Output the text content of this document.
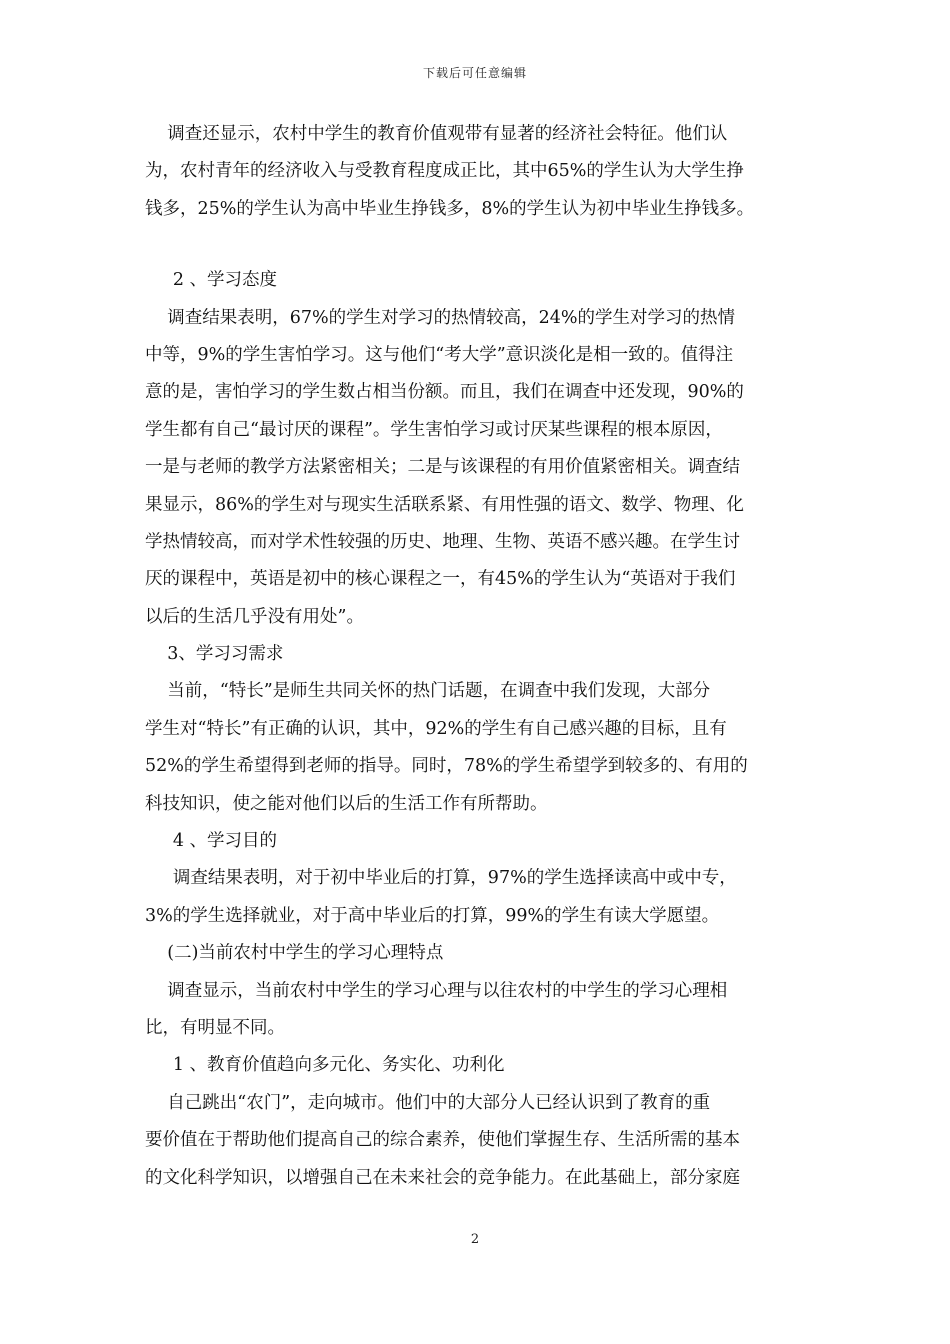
下载后可任意编辑
调查还显示，农村中学生的教育价值观带有显著的经济社会特征。他们认
为，农村青年的经济收入与受教育程度成正比，其中65%的学生认为大学生挣
钱多，25%的学生认为高中毕业生挣钱多，8%的学生认为初中毕业生挣钱多。
2 、学习态度
调查结果表明，67%的学生对学习的热情较高，24%的学生对学习的热情
中等，9%的学生害怕学习。这与他们“考大学”意识淡化是相一致的。值得注
意的是，害怕学习的学生数占相当份额。而且，我们在调查中还发现，90%的
学生都有自己“最讨厌的课程”。学生害怕学习或讨厌某些课程的根本原因，
一是与老师的教学方法紧密相关；二是与该课程的有用价值紧密相关。调查结
果显示，86%的学生对与现实生活联系紧、有用性强的语文、数学、物理、化
学热情较高，而对学术性较强的历史、地理、生物、英语不感兴趣。在学生讨
厌的课程中，英语是初中的核心课程之一，有45%的学生认为“英语对于我们
以后的生活几乎没有用处”。
3、学习习需求
当前，“特长”是师生共同关怀的热门话题，在调查中我们发现，大部分
学生对“特长”有正确的认识，其中，92%的学生有自己感兴趣的目标，且有
52%的学生希望得到老师的指导。同时，78%的学生希望学到较多的、有用的
科技知识，使之能对他们以后的生活工作有所帮助。
4 、学习目的
调查结果表明，对于初中毕业后的打算，97%的学生选择读高中或中专，
3%的学生选择就业，对于高中毕业后的打算，99%的学生有读大学愿望。
(二)当前农村中学生的学习心理特点
调查显示，当前农村中学生的学习心理与以往农村的中学生的学习心理相
比，有明显不同。
1 、教育价值趋向多元化、务实化、功利化
自己跳出“农门”，走向城市。他们中的大部分人已经认识到了教育的重
要价值在于帮助他们提高自己的综合素养，使他们掌握生存、生活所需的基本
的文化科学知识，以增强自己在未来社会的竞争能力。在此基础上，部分家庭
2
